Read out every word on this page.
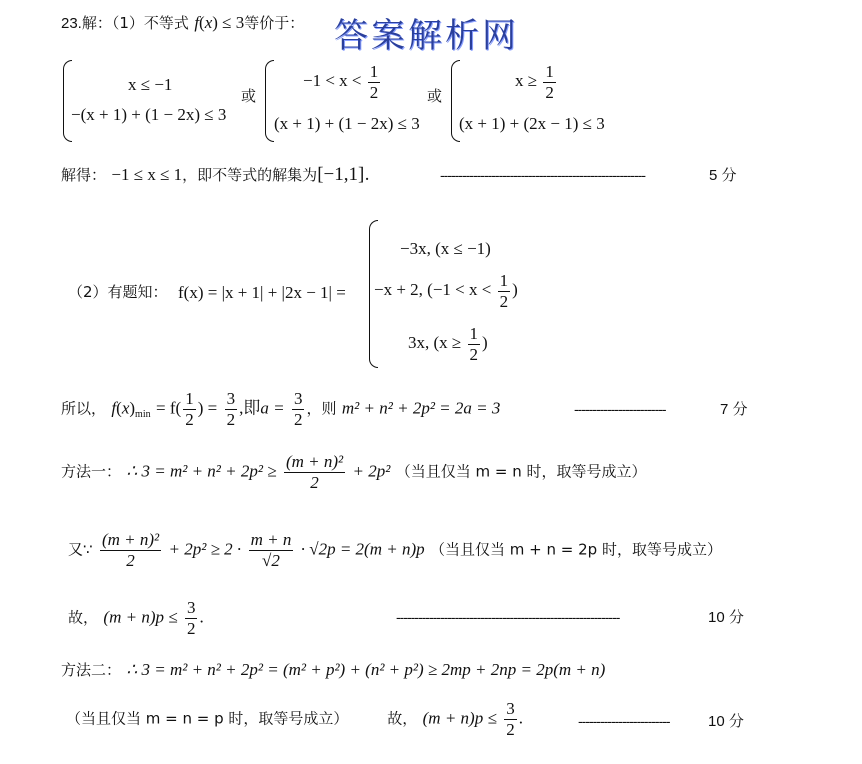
答案解析网
23.解：（1）不等式 f(x) ≤ 3等价于：
x ≤ −1
−(x + 1) + (1 − 2x) ≤ 3
或
$-1 < x < \frac{1}{2}$
(x + 1) + (1 − 2x) ≤ 3
或
$x \ge \frac{1}{2}$
(x + 1) + (2x − 1) ≤ 3
解得： −1 ≤ x ≤ 1，即不等式的解集为[−1,1].	--------------------------------------------------------	5 分
（2）有题知： f(x) = |x + 1| + |2x − 1| =
−3x, (x ≤ −1)
−x + 2, ($-1 < x < \frac{1}{2}$ )
3x, ($x \ge \frac{1}{2}$ )
所以， $f(x)_{min} = f( \frac{1}{2}$ ) = $\frac{3}{2}$ ,即$a = \frac{3}{2}$ ，则 m² + n² + 2p² = 2a = 3	-------------------------	7 分
方法一： ∴ $3 = m^2 + n^2 + 2p^2 \ge \frac{\text{(m + n)²}}{2} + 2p^2$ （当且仅当 m = n 时，取等号成立）
又∵ $\frac{\text{(m + n)²}}{2} + 2p^2 \ge 2 \cdot \frac{m + n}{√2} \cdot √2p = 2(m + n)p$ （当且仅当 m + n = 2p 时，取等号成立）
故， $(m + n)p \le \frac{3}{2}$ .	-------------------------------------------------------------	10 分
方法二： ∴ 3 = m² + n² + 2p² = (m² + p²) + (n² + p²) ≥ 2mp + 2np = 2p(m + n)
（当且仅当 m = n = p 时，取等号成立）	故， $(m + n)p \le \frac{3}{2}$ .	-------------------------	10 分
